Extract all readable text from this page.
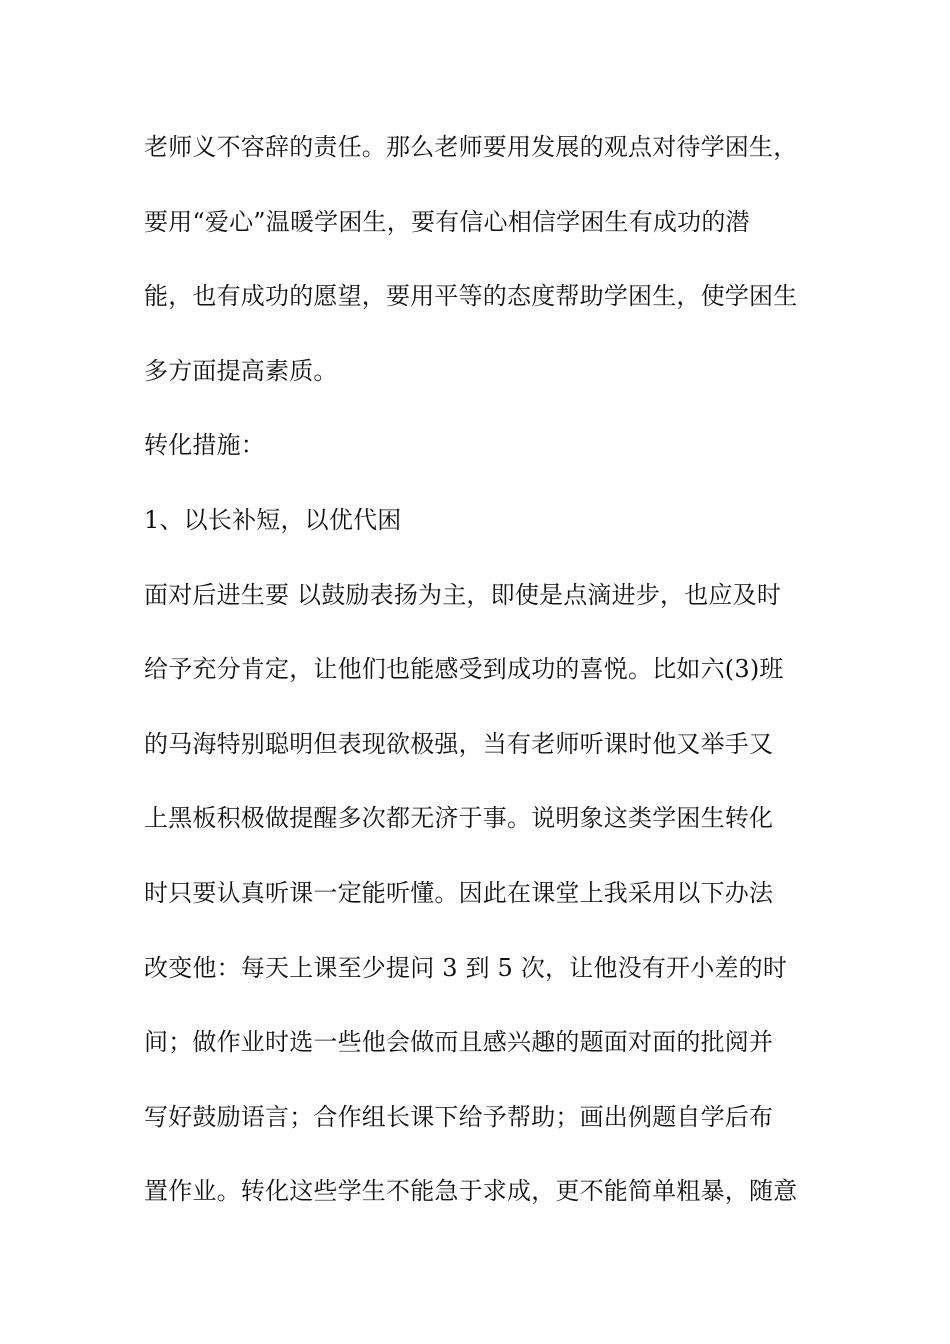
老师义不容辞的责任。那么老师要用发展的观点对待学困生，
要用“爱心”温暖学困生，要有信心相信学困生有成功的潜
能，也有成功的愿望，要用平等的态度帮助学困生，使学困生
多方面提高素质。
转化措施：
1、以长补短，以优代困
面对后进生要 以鼓励表扬为主，即使是点滴进步，也应及时
给予充分肯定，让他们也能感受到成功的喜悦。比如六(3)班
的马海特别聪明但表现欲极强，当有老师听课时他又举手又
上黑板积极做提醒多次都无济于事。说明象这类学困生转化
时只要认真听课一定能听懂。因此在课堂上我采用以下办法
改变他：每天上课至少提问 3 到 5 次，让他没有开小差的时
间；做作业时选一些他会做而且感兴趣的题面对面的批阅并
写好鼓励语言；合作组长课下给予帮助；画出例题自学后布
置作业。转化这些学生不能急于求成，更不能简单粗暴，随意
